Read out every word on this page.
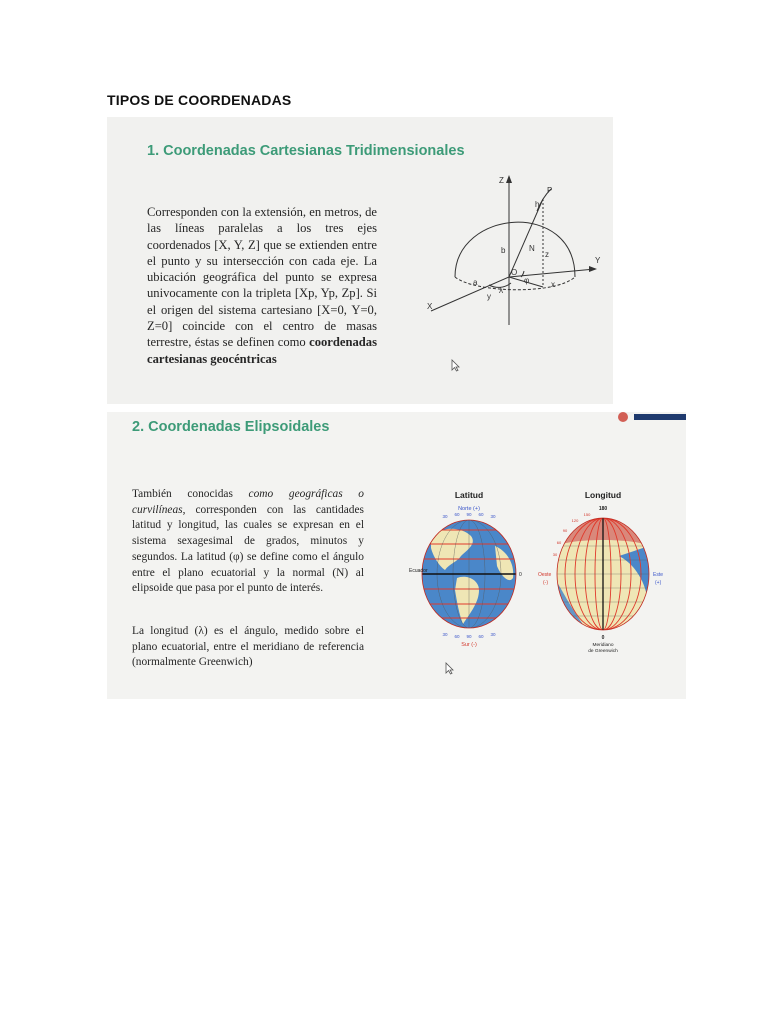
TIPOS DE COORDENADAS
1. Coordenadas Cartesianas Tridimensionales

Corresponden con la extensión, en metros, de las líneas paralelas a los tres ejes coordenados [X, Y, Z] que se extienden entre el punto y su intersección con cada eje. La ubicación geográfica del punto se expresa univocamente con la tripleta [Xp, Yp, Zp]. Si el origen del sistema cartesiano [X=0, Y=0, Z=0] coincide con el centro de masas terrestre, éstas se definen como coordenadas cartesianas geocéntricas

Z
P
h
N
b	z
O
a	φ
λ
y
x
Y
X
2. Coordenadas Elipsoidales

También conocidas como geográficas o curvilíneas, corresponden con las cantidades latitud y longitud, las cuales se expresan en el sistema sexagesimal de grados, minutos y segundos. La latitud (φ) se define como el ángulo entre el plano ecuatorial y la normal (N) al elipsoide que pasa por el punto de interés.

La longitud (λ) es el ángulo, medido sobre el plano ecuatorial, entre el meridiano de referencia (normalmente Greenwich)

Latitud
Norte (+)
30 60 90 60 30
Ecuador
0
30 60 90 60 30
Sur (-)
Longitud
180
150
120
90
60
30
Oeste
(-)
Este
(+)
0
Meridiano
de Greenwich
